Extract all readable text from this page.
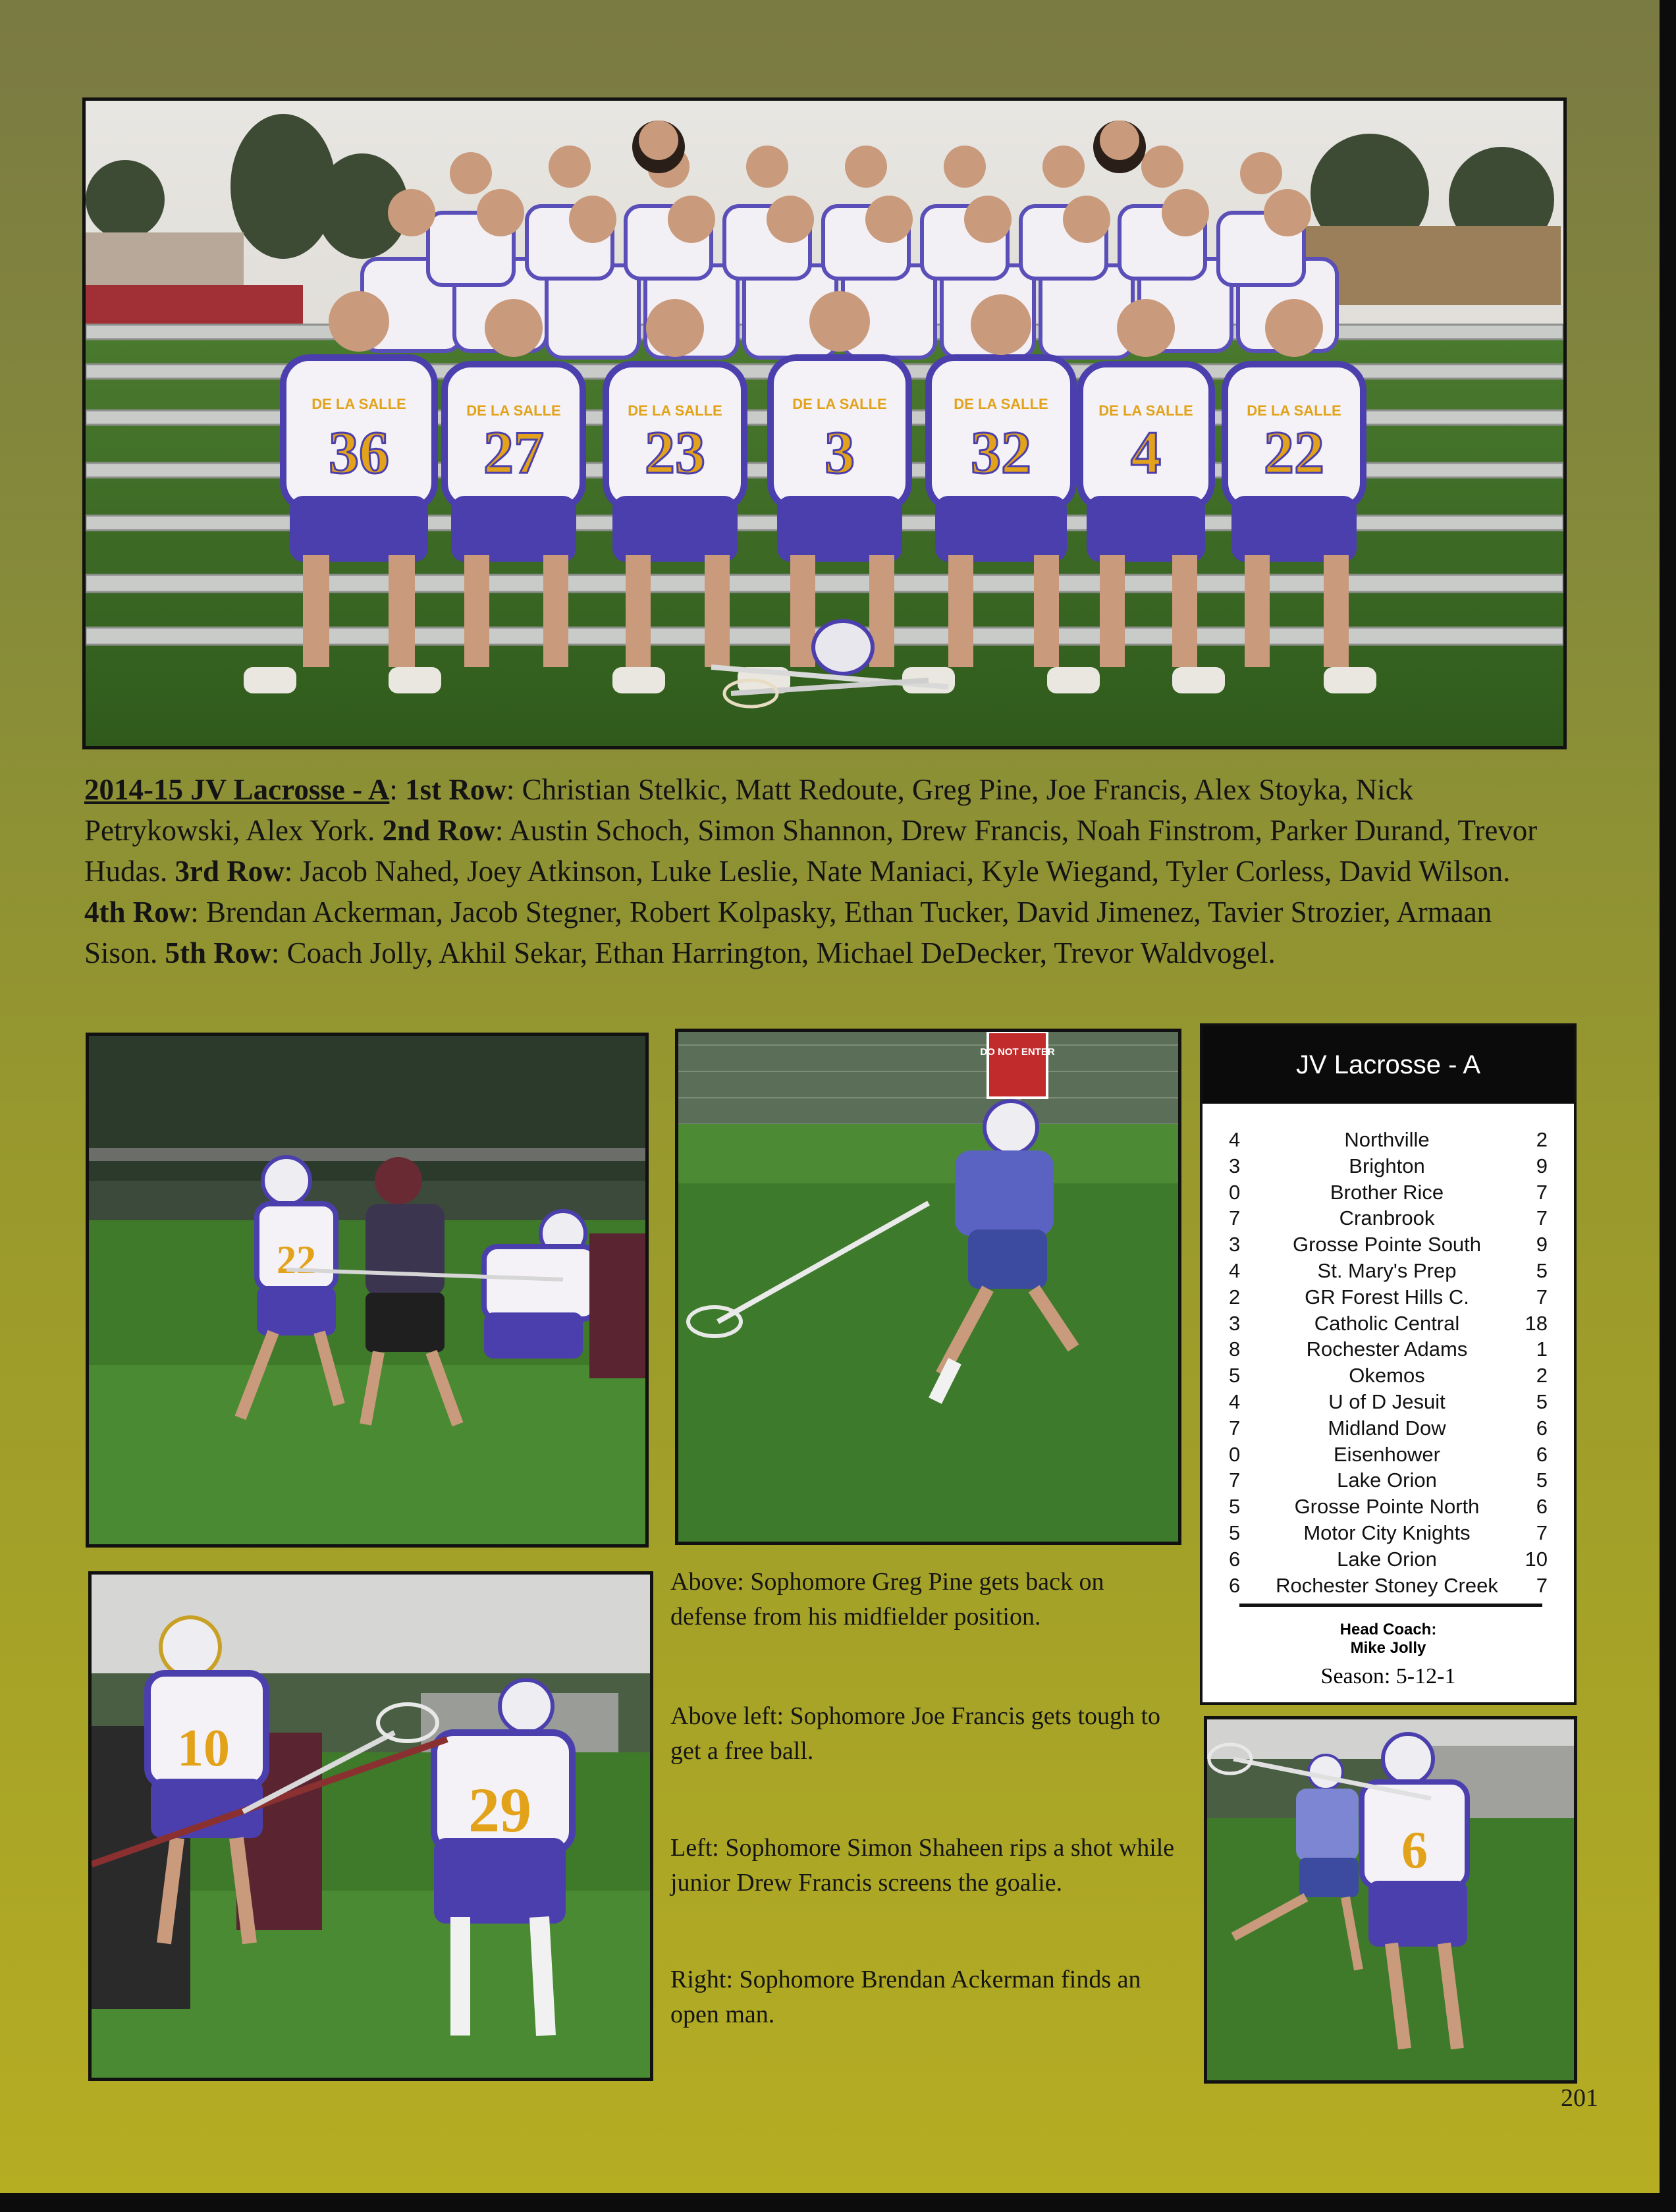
36 27 23 3 32 4 22
DE LA SALLE	DE LA SALLE	DE LA SALLE	DE LA SALLE	DE LA SALLE	DE LA SALLE	DE LA SALLE
2014-15 JV Lacrosse - A: 1st Row: Christian Stelkic, Matt Redoute, Greg Pine, Joe Francis, Alex Stoyka, Nick Petrykowski, Alex York. 2nd Row: Austin Schoch, Simon Shannon, Drew Francis, Noah Finstrom, Parker Durand, Trevor Hudas. 3rd Row: Jacob Nahed, Joey Atkinson, Luke Leslie, Nate Maniaci, Kyle Wiegand, Tyler Corless, David Wilson. 4th Row: Brendan Ackerman, Jacob Stegner, Robert Kolpasky, Ethan Tucker, David Jimenez, Tavier Strozier, Armaan Sison. 5th Row: Coach Jolly, Akhil Sekar, Ethan Harrington, Michael DeDecker, Trevor Waldvogel.
22
DO NOT ENTER
10
29
Above: Sophomore Greg Pine gets back on defense from his midfielder position.
Above left: Sophomore Joe Francis gets tough to get a free ball.
Left: Sophomore Simon Shaheen rips a shot while junior Drew Francis screens the goalie.
Right: Sophomore Brendan Ackerman finds an open man.
JV Lacrosse - A
4	Northville	2
3	Brighton	9
0	Brother Rice	7
7	Cranbrook	7
3	Grosse Pointe South	9
4	St. Mary's Prep	5
2	GR Forest Hills C.	7
3	Catholic Central	18
8	Rochester Adams	1
5	Okemos	2
4	U of D Jesuit	5
7	Midland Dow	6
0	Eisenhower	6
7	Lake Orion	5
5	Grosse Pointe North	6
5	Motor City Knights	7
6	Lake Orion	10
6	Rochester Stoney Creek	7
Head Coach:
Mike Jolly
Season: 5-12-1
6
201
